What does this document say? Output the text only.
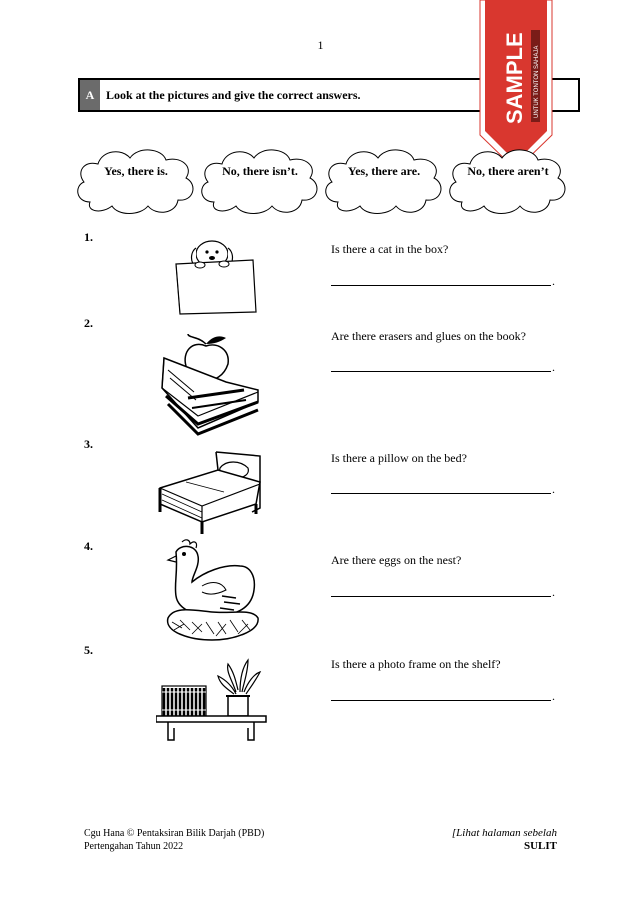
1
A Look at the pictures and give the correct answers.	SAMPLE UNTUK TONTON SAHAJA
Yes, there is.	No, there isn’t.	Yes, there are.	No, there aren’t
1.
Is there a cat in the box?
.
2.
Are there erasers and glues on the book?
.
3.
Is there a pillow on the bed?
.
4.
Are there eggs on the nest?
.
5.
Is there a photo frame on the shelf?
.
Cgu Hana © Pentaksiran Bilik Darjah (PBD)
Pertengahan Tahun 2022
[Lihat halaman sebelah
SULIT
